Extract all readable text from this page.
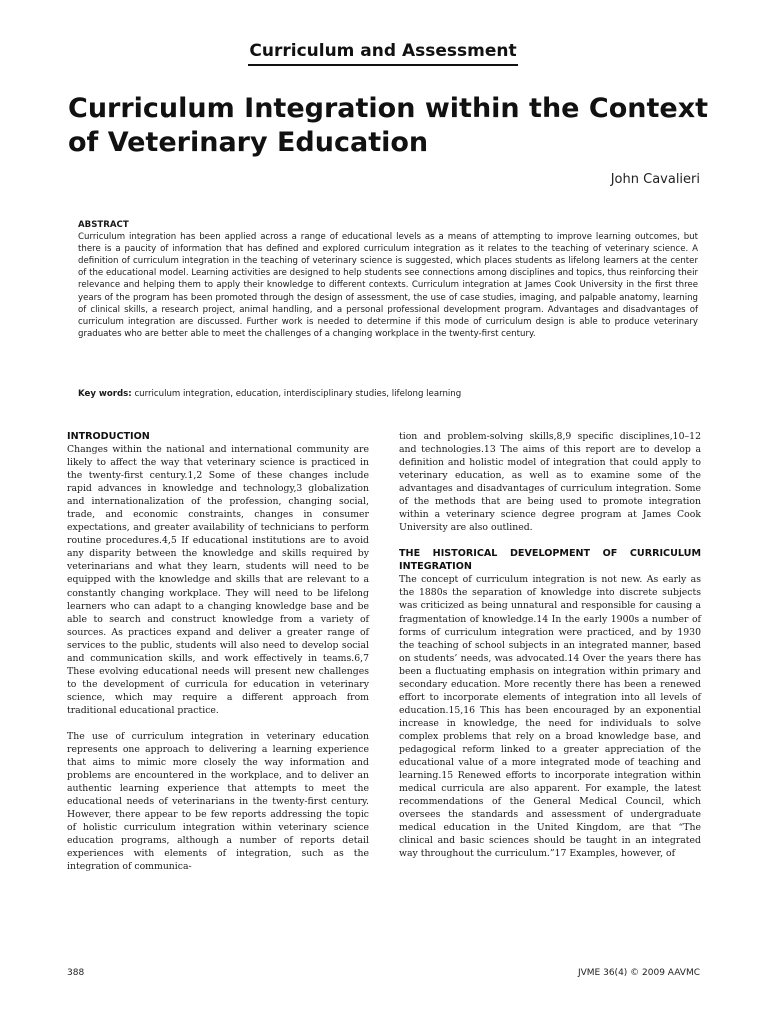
Curriculum and Assessment
Curriculum Integration within the Context of Veterinary Education
John Cavalieri
ABSTRACT
Curriculum integration has been applied across a range of educational levels as a means of attempting to improve learning outcomes, but there is a paucity of information that has defined and explored curriculum integration as it relates to the teaching of veterinary science. A definition of curriculum integration in the teaching of veterinary science is suggested, which places students as lifelong learners at the center of the educational model. Learning activities are designed to help students see connections among disciplines and topics, thus reinforcing their relevance and helping them to apply their knowledge to different contexts. Curriculum integration at James Cook University in the first three years of the program has been promoted through the design of assessment, the use of case studies, imaging, and palpable anatomy, learning of clinical skills, a research project, animal handling, and a personal professional development program. Advantages and disadvantages of curriculum integration are discussed. Further work is needed to determine if this mode of curriculum design is able to produce veterinary graduates who are better able to meet the challenges of a changing workplace in the twenty-first century.
Key words: curriculum integration, education, interdisciplinary studies, lifelong learning
INTRODUCTION

Changes within the national and international community are likely to affect the way that veterinary science is practiced in the twenty-first century.1,2 Some of these changes include rapid advances in knowledge and technology,3 globalization and internationalization of the profession, changing social, trade, and economic constraints, changes in consumer expectations, and greater availability of technicians to perform routine procedures.4,5 If educational institutions are to avoid any disparity between the knowledge and skills required by veterinarians and what they learn, students will need to be equipped with the knowledge and skills that are relevant to a constantly changing workplace. They will need to be lifelong learners who can adapt to a changing knowledge base and be able to search and construct knowledge from a variety of sources. As practices expand and deliver a greater range of services to the public, students will also need to develop social and communication skills, and work effectively in teams.6,7 These evolving educational needs will present new challenges to the development of curricula for education in veterinary science, which may require a different approach from traditional educational practice.

The use of curriculum integration in veterinary education represents one approach to delivering a learning experience that aims to mimic more closely the way information and problems are encountered in the workplace, and to deliver an authentic learning experience that attempts to meet the educational needs of veterinarians in the twenty-first century. However, there appear to be few reports addressing the topic of holistic curriculum integration within veterinary science education programs, although a number of reports detail experiences with elements of integration, such as the integration of communica-

tion and problem-solving skills,8,9 specific disciplines,10–12 and technologies.13 The aims of this report are to develop a definition and holistic model of integration that could apply to veterinary education, as well as to examine some of the advantages and disadvantages of curriculum integration. Some of the methods that are being used to promote integration within a veterinary science degree program at James Cook University are also outlined.

THE HISTORICAL DEVELOPMENT OF CURRICULUM INTEGRATION

The concept of curriculum integration is not new. As early as the 1880s the separation of knowledge into discrete subjects was criticized as being unnatural and responsible for causing a fragmentation of knowledge.14 In the early 1900s a number of forms of curriculum integration were practiced, and by 1930 the teaching of school subjects in an integrated manner, based on students’ needs, was advocated.14 Over the years there has been a fluctuating emphasis on integration within primary and secondary education. More recently there has been a renewed effort to incorporate elements of integration into all levels of education.15,16 This has been encouraged by an exponential increase in knowledge, the need for individuals to solve complex problems that rely on a broad knowledge base, and pedagogical reform linked to a greater appreciation of the educational value of a more integrated mode of teaching and learning.15 Renewed efforts to incorporate integration within medical curricula are also apparent. For example, the latest recommendations of the General Medical Council, which oversees the standards and assessment of undergraduate medical education in the United Kingdom, are that “The clinical and basic sciences should be taught in an integrated way throughout the curriculum.”17 Examples, however, of

388	JVME 36(4) © 2009 AAVMC
